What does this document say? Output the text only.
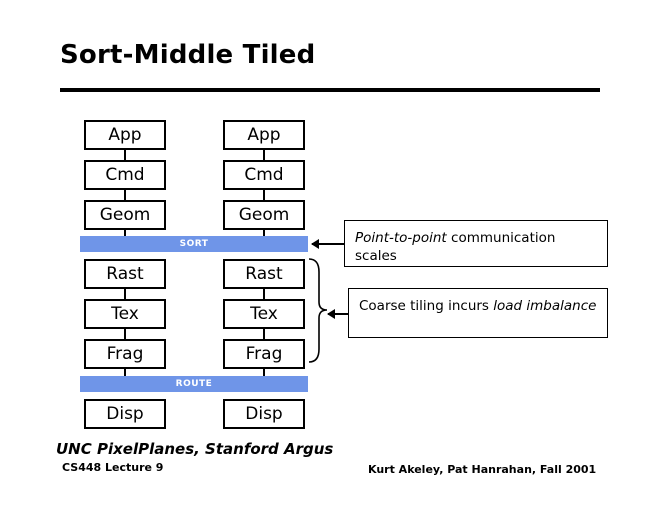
Sort-Middle Tiled
App
Cmd
Geom
Rast
Tex
Frag
Disp
App
Cmd
Geom
Rast
Tex
Frag
Disp
SORT
ROUTE
Point-to-point communication scales
Coarse tiling incurs load imbalance
UNC PixelPlanes, Stanford Argus
CS448 Lecture 9	Kurt Akeley, Pat Hanrahan, Fall 2001
